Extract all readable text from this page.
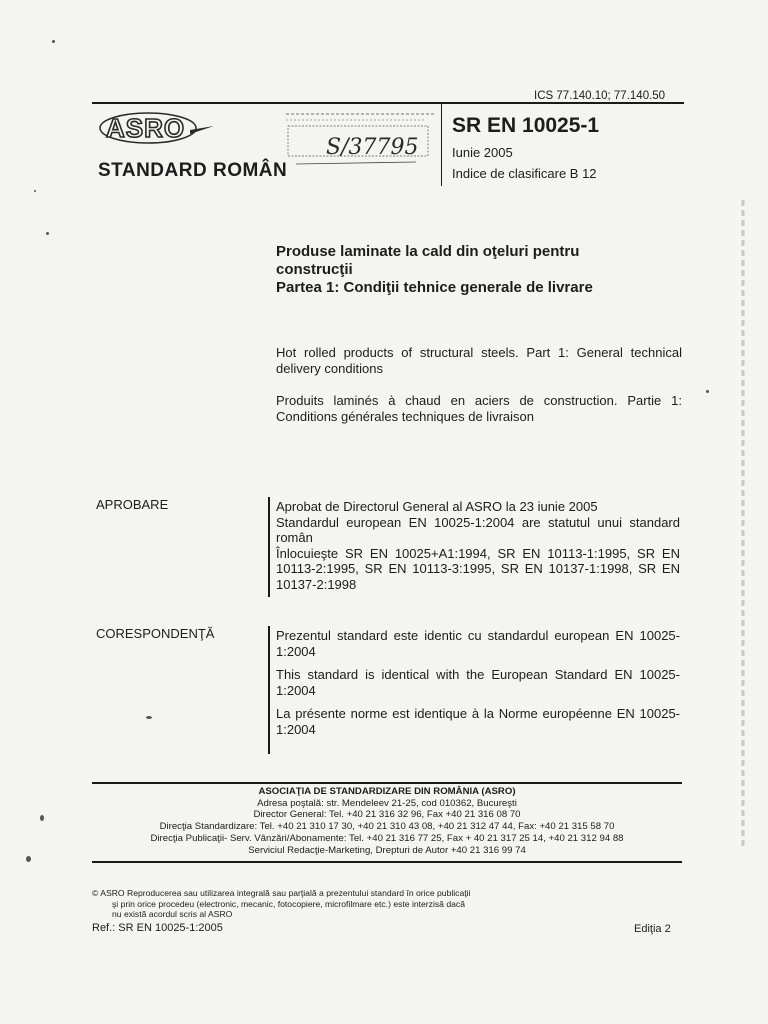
ICS 77.140.10; 77.140.50
ASRO
STANDARD ROMÂN
S/37795
SR EN 10025-1
Iunie 2005
Indice de clasificare B 12
Produse laminate la cald din oţeluri pentru
construcţii
Partea 1: Condiţii tehnice generale de livrare
Hot rolled products of structural steels. Part 1: General technical delivery conditions
Produits laminés à chaud en aciers de construction. Partie 1: Conditions générales techniques de livraison
APROBARE	Aprobat de Directorul General al ASRO la 23 iunie 2005

Standardul european EN 10025-1:2004 are statutul unui standard român

Înlocuieşte SR EN 10025+A1:1994, SR EN 10113-1:1995, SR EN 10113-2:1995, SR EN 10113-3:1995, SR EN 10137-1:1998, SR EN 10137-2:1998

CORESPONDENŢĂ	Prezentul standard este identic cu standardul european EN 10025-1:2004

This standard is identical with the European Standard EN 10025-1:2004

La présente norme est identique à la Norme européenne EN 10025-1:2004

ASOCIAŢIA DE STANDARDIZARE DIN ROMÂNIA (ASRO)
Adresa poştală: str. Mendeleev 21-25, cod 010362, Bucureşti
Director General: Tel. +40 21 316 32 96, Fax +40 21 316 08 70
Direcţia Standardizare: Tel. +40 21 310 17 30, +40 21 310 43 08, +40 21 312 47 44, Fax: +40 21 315 58 70
Direcţia Publicaţii- Serv. Vânzări/Abonamente: Tel. +40 21 316 77 25, Fax + 40 21 317 25 14, +40 21 312 94 88
Serviciul Redacţie-Marketing, Drepturi de Autor +40 21 316 99 74
© ASRO Reproducerea sau utilizarea integrală sau parţială a prezentului standard în orice publicaţii
şi prin orice procedeu (electronic, mecanic, fotocopiere, microfilmare etc.) este interzisă dacă
nu există acordul scris al ASRO
Ref.: SR EN 10025-1:2005	Ediţia 2
